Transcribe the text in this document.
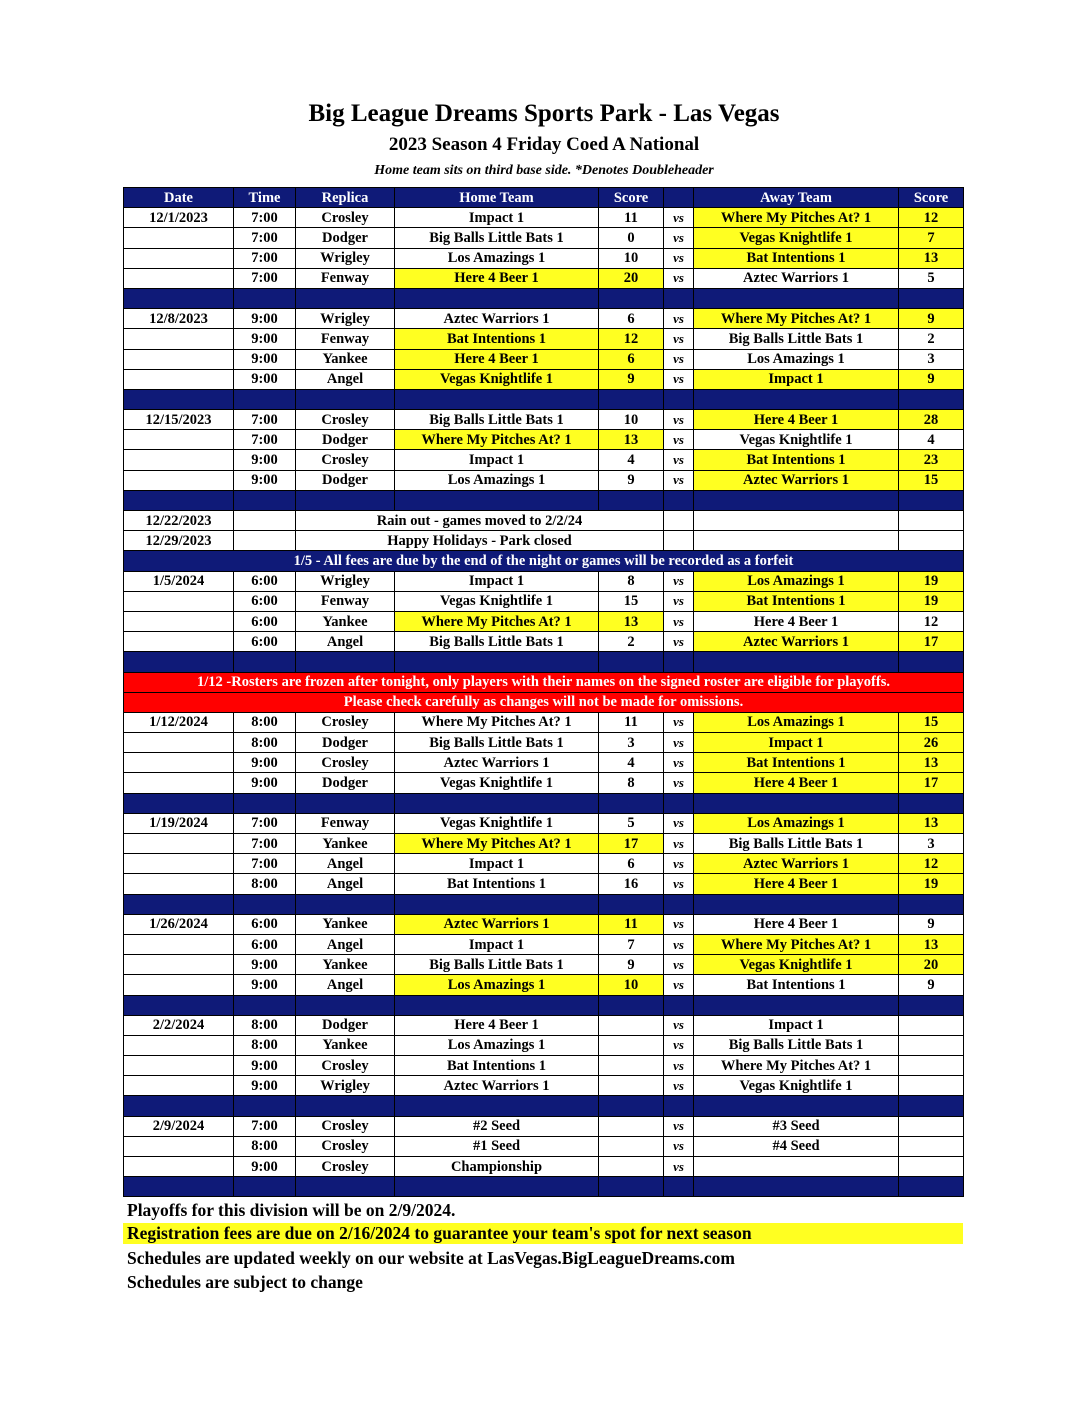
Big League Dreams Sports Park - Las Vegas
2023 Season 4 Friday Coed A National
Home team sits on third base side. *Denotes Doubleheader
Date	Time	Replica	Home Team	Score		Away Team	Score
12/1/2023	7:00	Crosley	Impact 1	11	vs	Where My Pitches At? 1	12
	7:00	Dodger	Big Balls Little Bats 1	0	vs	Vegas Knightlife 1	7
	7:00	Wrigley	Los Amazings 1	10	vs	Bat Intentions 1	13
	7:00	Fenway	Here 4 Beer 1	20	vs	Aztec Warriors 1	5

12/8/2023	9:00	Wrigley	Aztec Warriors 1	6	vs	Where My Pitches At? 1	9
	9:00	Fenway	Bat Intentions 1	12	vs	Big Balls Little Bats 1	2
	9:00	Yankee	Here 4 Beer 1	6	vs	Los Amazings 1	3
	9:00	Angel	Vegas Knightlife 1	9	vs	Impact 1	9

12/15/2023	7:00	Crosley	Big Balls Little Bats 1	10	vs	Here 4 Beer 1	28
	7:00	Dodger	Where My Pitches At? 1	13	vs	Vegas Knightlife 1	4
	9:00	Crosley	Impact 1	4	vs	Bat Intentions 1	23
	9:00	Dodger	Los Amazings 1	9	vs	Aztec Warriors 1	15

12/22/2023		Rain out - games moved to 2/2/24					
12/29/2023		Happy Holidays - Park closed					
1/5 - All fees are due by the end of the night or games will be recorded as a forfeit							
1/5/2024	6:00	Wrigley	Impact 1	8	vs	Los Amazings 1	19
	6:00	Fenway	Vegas Knightlife 1	15	vs	Bat Intentions 1	19
	6:00	Yankee	Where My Pitches At? 1	13	vs	Here 4 Beer 1	12
	6:00	Angel	Big Balls Little Bats 1	2	vs	Aztec Warriors 1	17

1/12 -Rosters are frozen after tonight, only players with their names on the signed roster are eligible for playoffs.							
Please check carefully as changes will not be made for omissions.							
1/12/2024	8:00	Crosley	Where My Pitches At? 1	11	vs	Los Amazings 1	15
	8:00	Dodger	Big Balls Little Bats 1	3	vs	Impact 1	26
	9:00	Crosley	Aztec Warriors 1	4	vs	Bat Intentions 1	13
	9:00	Dodger	Vegas Knightlife 1	8	vs	Here 4 Beer 1	17

1/19/2024	7:00	Fenway	Vegas Knightlife 1	5	vs	Los Amazings 1	13
	7:00	Yankee	Where My Pitches At? 1	17	vs	Big Balls Little Bats 1	3
	7:00	Angel	Impact 1	6	vs	Aztec Warriors 1	12
	8:00	Angel	Bat Intentions 1	16	vs	Here 4 Beer 1	19

1/26/2024	6:00	Yankee	Aztec Warriors 1	11	vs	Here 4 Beer 1	9
	6:00	Angel	Impact 1	7	vs	Where My Pitches At? 1	13
	9:00	Yankee	Big Balls Little Bats 1	9	vs	Vegas Knightlife 1	20
	9:00	Angel	Los Amazings 1	10	vs	Bat Intentions 1	9

2/2/2024	8:00	Dodger	Here 4 Beer 1		vs	Impact 1	
	8:00	Yankee	Los Amazings 1		vs	Big Balls Little Bats 1	
	9:00	Crosley	Bat Intentions 1		vs	Where My Pitches At? 1	
	9:00	Wrigley	Aztec Warriors 1		vs	Vegas Knightlife 1	

2/9/2024	7:00	Crosley	#2 Seed		vs	#3 Seed	
	8:00	Crosley	#1 Seed		vs	#4 Seed	
	9:00	Crosley	Championship		vs		

Playoffs for this division will be on 2/9/2024.
Registration fees are due on 2/16/2024 to guarantee your team's spot for next season
Schedules are updated weekly on our website at LasVegas.BigLeagueDreams.com
Schedules are subject to change
